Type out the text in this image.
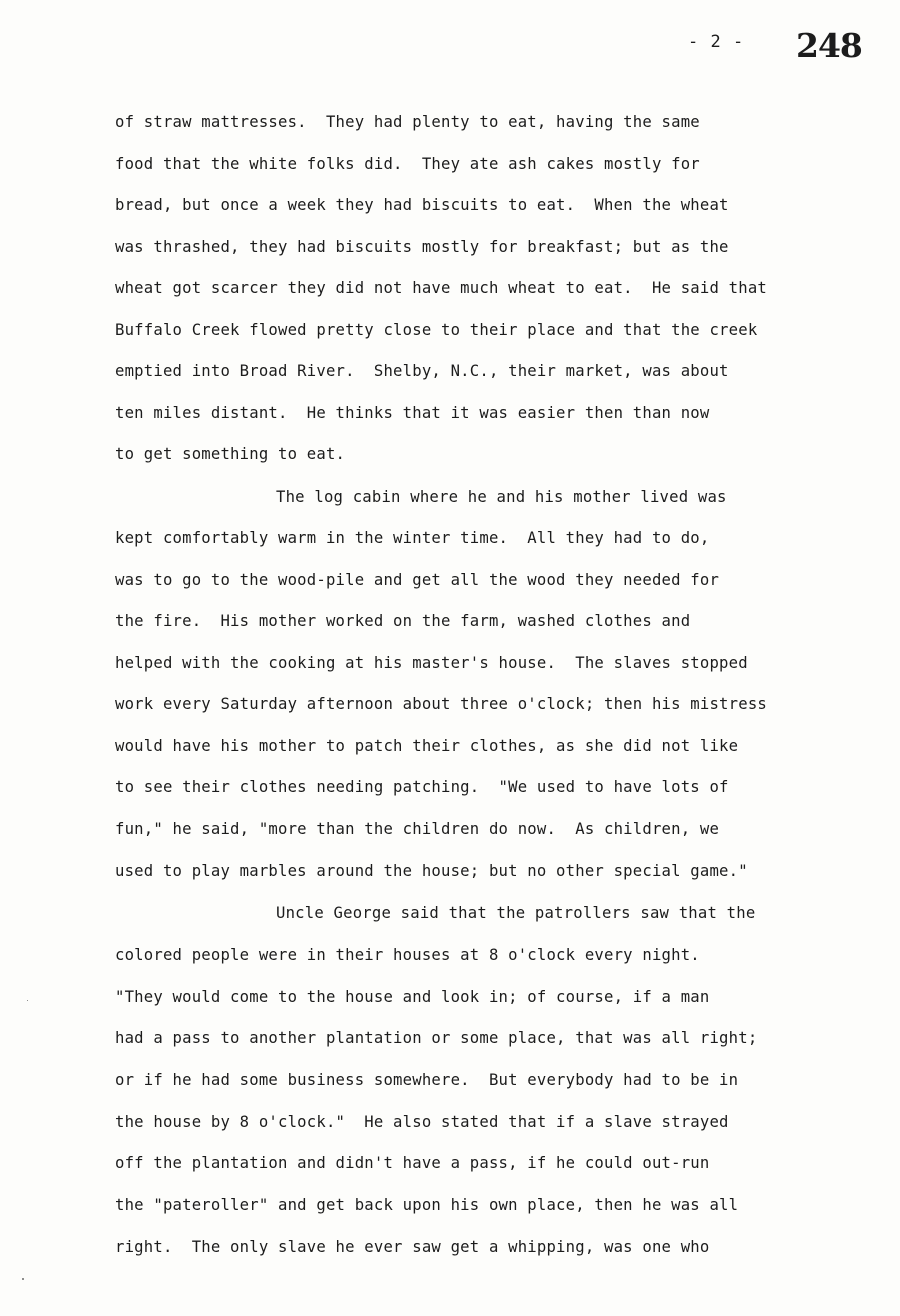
- 2 - 248
of straw mattresses.  They had plenty to eat, having the same
food that the white folks did.  They ate ash cakes mostly for
bread, but once a week they had biscuits to eat.  When the wheat
was thrashed, they had biscuits mostly for breakfast; but as the
wheat got scarcer they did not have much wheat to eat.  He said that
Buffalo Creek flowed pretty close to their place and that the creek
emptied into Broad River.  Shelby, N.C., their market, was about
ten miles distant.  He thinks that it was easier then than now
to get something to eat.
The log cabin where he and his mother lived was
kept comfortably warm in the winter time.  All they had to do,
was to go to the wood-pile and get all the wood they needed for
the fire.  His mother worked on the farm, washed clothes and
helped with the cooking at his master's house.  The slaves stopped
work every Saturday afternoon about three o'clock; then his mistress
would have his mother to patch their clothes, as she did not like
to see their clothes needing patching.  "We used to have lots of
fun," he said, "more than the children do now.  As children, we
used to play marbles around the house; but no other special game."
Uncle George said that the patrollers saw that the
colored people were in their houses at 8 o'clock every night.
"They would come to the house and look in; of course, if a man
had a pass to another plantation or some place, that was all right;
or if he had some business somewhere.  But everybody had to be in
the house by 8 o'clock."  He also stated that if a slave strayed
off the plantation and didn't have a pass, if he could out-run
the "pateroller" and get back upon his own place, then he was all
right.  The only slave he ever saw get a whipping, was one who
